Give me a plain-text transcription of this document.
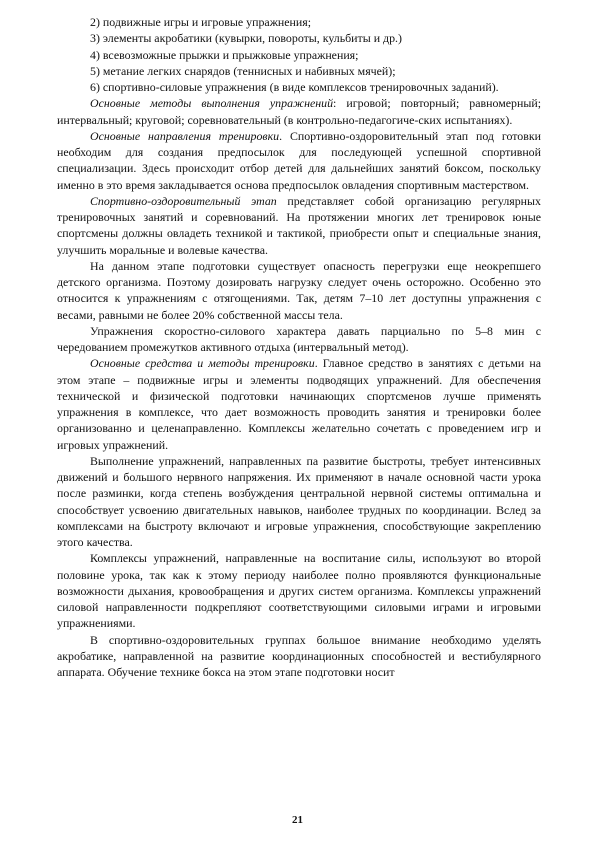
2) подвижные игры и игровые упражнения;

3) элементы акробатики (кувырки, повороты, кульбиты и др.)

4) всевозможные прыжки и прыжковые упражнения;

5) метание легких снарядов (теннисных и набивных мячей);

6) спортивно-силовые упражнения (в виде комплексов тренировочных заданий).

Основные методы выполнения упражнений: игровой; повторный; равномерный; интервальный; круговой; соревновательный (в контрольно-педагогиче-ских испытаниях).

Основные направления тренировки. Спортивно-оздоровительный этап под готовки необходим для создания предпосылок для последующей успешной спортивной специализации. Здесь происходит отбор детей для дальнейших занятий боксом, поскольку именно в это время закладывается основа предпосылок овладения спортивным мастерством.

Спортивно-оздоровительный этап представляет собой организацию регулярных тренировочных занятий и соревнований. На протяжении многих лет тренировок юные спортсмены должны овладеть техникой и тактикой, приобрести опыт и специальные знания, улучшить моральные и волевые качества.

На данном этапе подготовки существует опасность перегрузки еще неокрепшего детского организма. Поэтому дозировать нагрузку следует очень осторожно. Особенно это относится к упражнениям с отягощениями. Так, детям 7–10 лет доступны упражнения с весами, равными не более 20% собственной массы тела.

Упражнения скоростно-силового характера давать парциально по 5–8 мин с чередованием промежутков активного отдыха (интервальный метод).

Основные средства и методы тренировки. Главное средство в занятиях с детьми на этом этапе – подвижные игры и элементы подводящих упражнений. Для обеспечения технической и физической подготовки начинающих спортсменов лучше применять упражнения в комплексе, что дает возможность проводить занятия и тренировки более организованно и целенаправленно. Комплексы желательно сочетать с проведением игр и игровых упражнений.

Выполнение упражнений, направленных па развитие быстроты, требует интенсивных движений и большого нервного напряжения. Их применяют в начале основной части урока после разминки, когда степень возбуждения центральной нервной системы оптимальна и способствует усвоению двигательных навыков, наиболее трудных по координации. Вслед за комплексами на быстроту включают и игровые упражнения, способствующие закреплению этого качества.

Комплексы упражнений, направленные на воспитание силы, используют во второй половине урока, так как к этому периоду наиболее полно проявляются функциональные возможности дыхания, кровообращения и других систем организма. Комплексы упражнений силовой направленности подкрепляют соответствующими силовыми играми и игровыми упражнениями.

В спортивно-оздоровительных группах большое внимание необходимо уделять акробатике, направленной на развитие координационных способностей и вестибулярного аппарата. Обучение технике бокса на этом этапе подготовки носит

21
